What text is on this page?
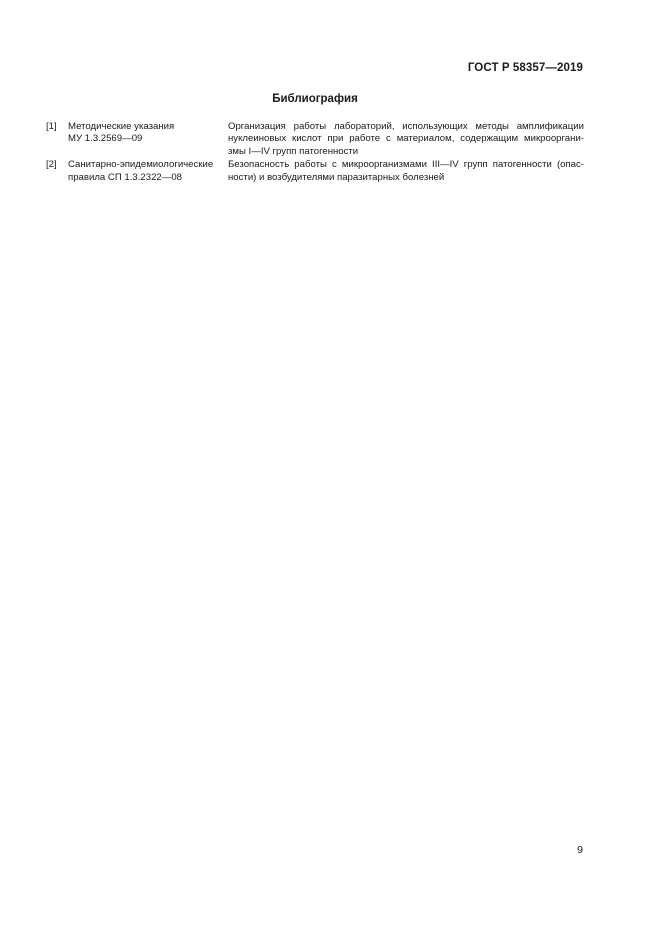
ГОСТ Р 58357—2019
Библиография
[1]	Методические указания
МУ 1.3.2569—09
Организация работы лабораторий, использующих методы амплификации
нуклеиновых кислот при работе с материалом, содержащим микрооргани-
змы I—IV групп патогенности
[2]	Санитарно-эпидемиологические
правила СП 1.3.2322—08
Безопасность работы с микроорганизмами III—IV групп патогенности (опас-
ности) и возбудителями паразитарных болезней
9
